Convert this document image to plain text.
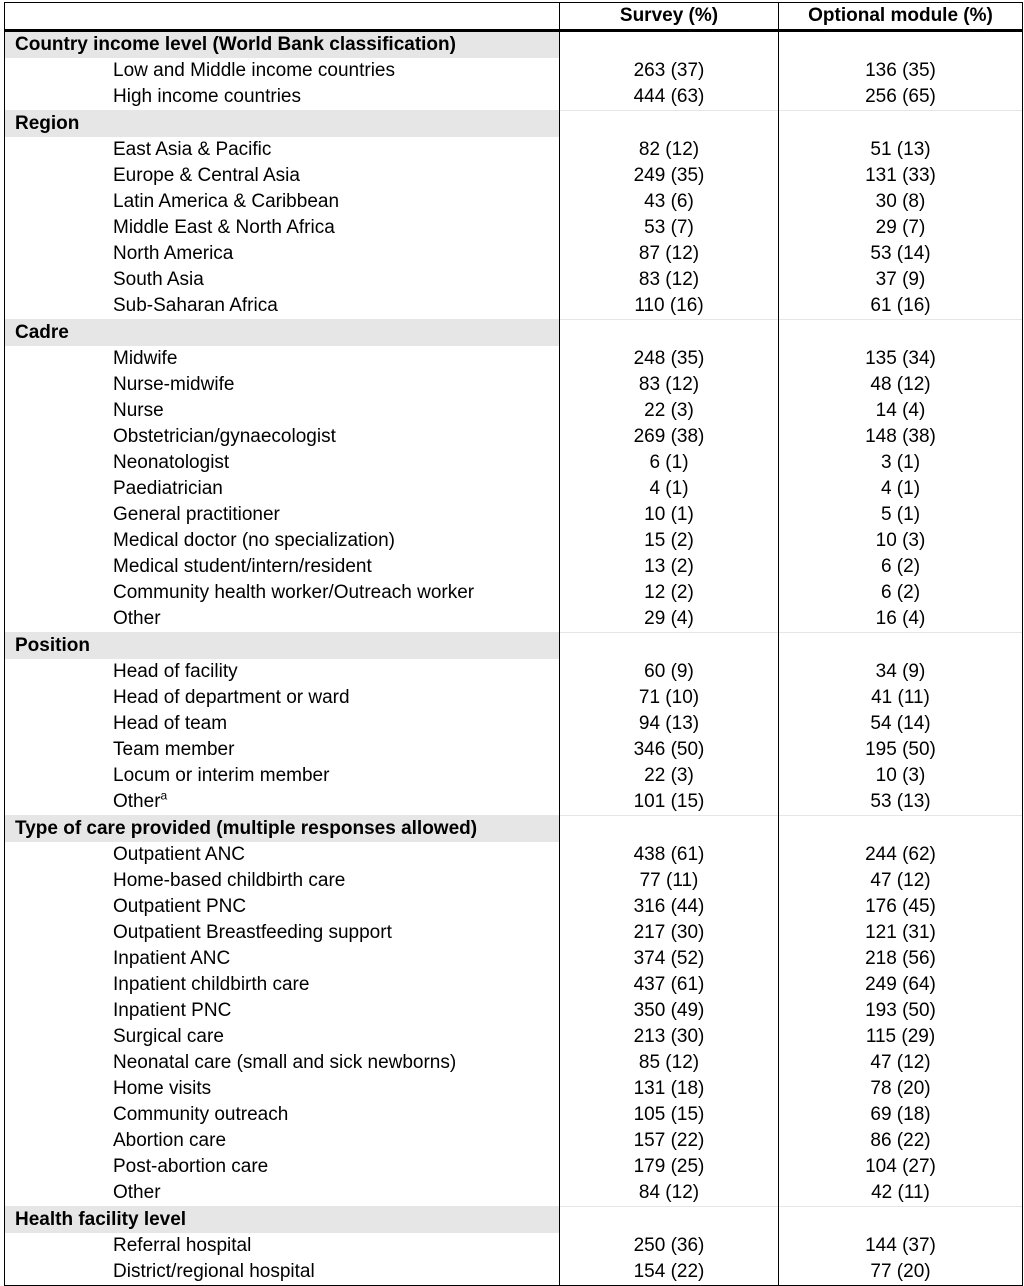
	Survey (%)	Optional module (%)
Country income level (World Bank classification)		
Low and Middle income countries	263 (37)	136 (35)
High income countries	444 (63)	256 (65)
Region		
East Asia & Pacific	82 (12)	51 (13)
Europe & Central Asia	249 (35)	131 (33)
Latin America & Caribbean	43 (6)	30 (8)
Middle East & North Africa	53 (7)	29 (7)
North America	87 (12)	53 (14)
South Asia	83 (12)	37 (9)
Sub-Saharan Africa	110 (16)	61 (16)
Cadre		
Midwife	248 (35)	135 (34)
Nurse-midwife	83 (12)	48 (12)
Nurse	22 (3)	14 (4)
Obstetrician/gynaecologist	269 (38)	148 (38)
Neonatologist	6 (1)	3 (1)
Paediatrician	4 (1)	4 (1)
General practitioner	10 (1)	5 (1)
Medical doctor (no specialization)	15 (2)	10 (3)
Medical student/intern/resident	13 (2)	6 (2)
Community health worker/Outreach worker	12 (2)	6 (2)
Other	29 (4)	16 (4)
Position		
Head of facility	60 (9)	34 (9)
Head of department or ward	71 (10)	41 (11)
Head of team	94 (13)	54 (14)
Team member	346 (50)	195 (50)
Locum or interim member	22 (3)	10 (3)
Other$^a$	101 (15)	53 (13)
Type of care provided (multiple responses allowed)		
Outpatient ANC	438 (61)	244 (62)
Home-based childbirth care	77 (11)	47 (12)
Outpatient PNC	316 (44)	176 (45)
Outpatient Breastfeeding support	217 (30)	121 (31)
Inpatient ANC	374 (52)	218 (56)
Inpatient childbirth care	437 (61)	249 (64)
Inpatient PNC	350 (49)	193 (50)
Surgical care	213 (30)	115 (29)
Neonatal care (small and sick newborns)	85 (12)	47 (12)
Home visits	131 (18)	78 (20)
Community outreach	105 (15)	69 (18)
Abortion care	157 (22)	86 (22)
Post-abortion care	179 (25)	104 (27)
Other	84 (12)	42 (11)
Health facility level		
Referral hospital	250 (36)	144 (37)
District/regional hospital	154 (22)	77 (20)
